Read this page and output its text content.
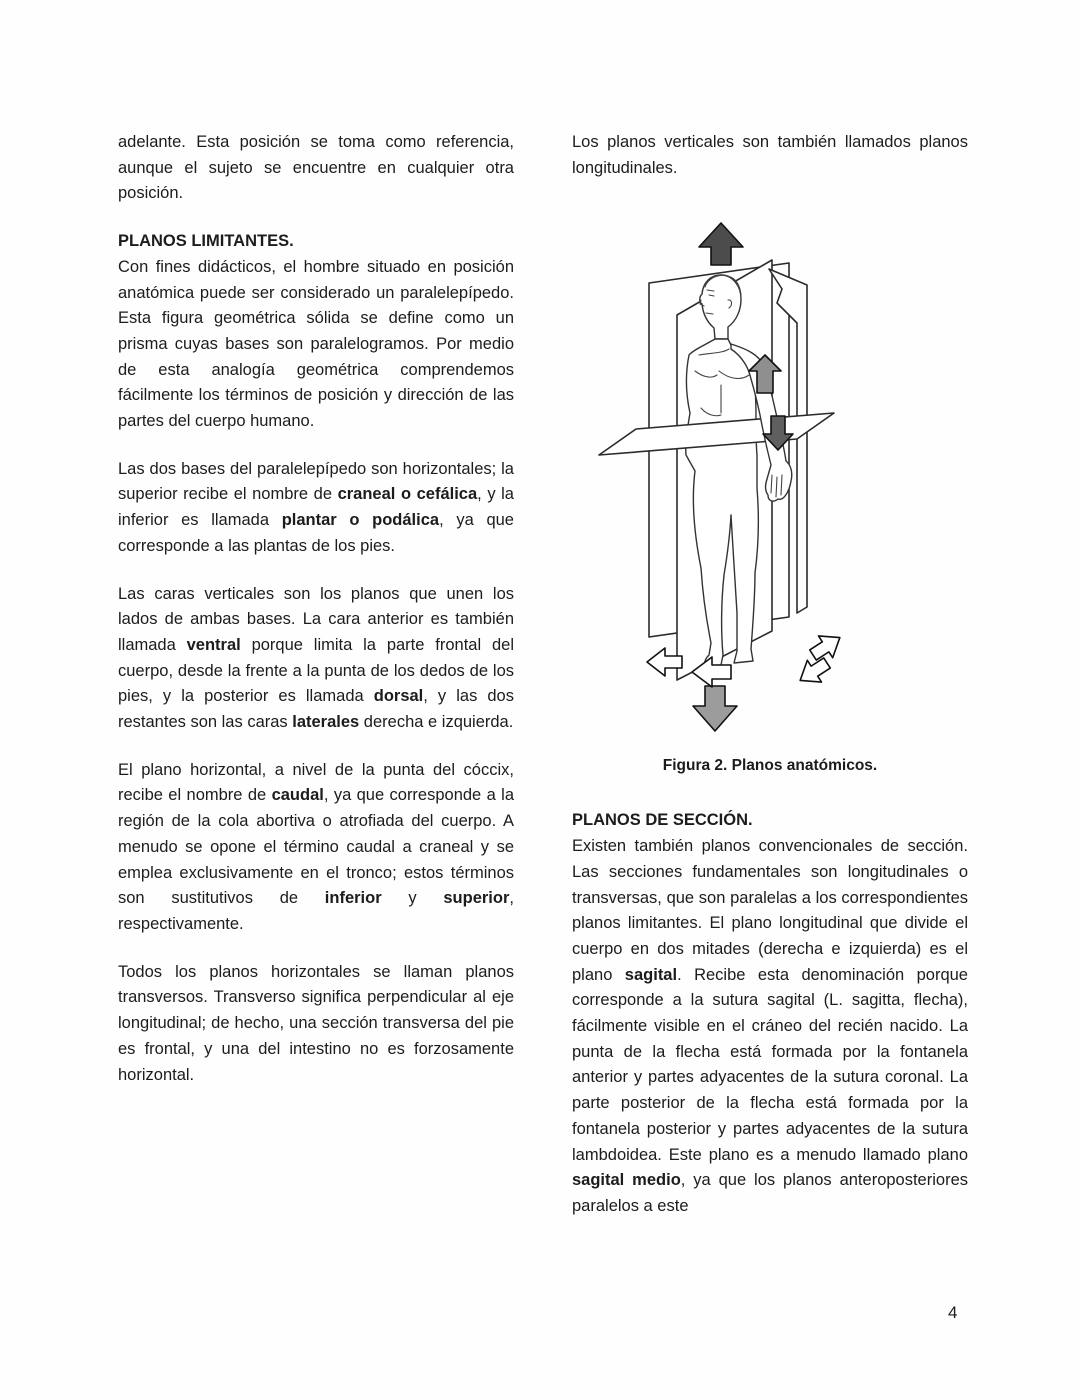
adelante. Esta posición se toma como referencia, aunque el sujeto se encuentre en cualquier otra posición.

PLANOS LIMITANTES.

Con fines didácticos, el hombre situado en posición anatómica puede ser considerado un paralelepípedo. Esta figura geométrica sólida se define como un prisma cuyas bases son paralelogramos. Por medio de esta analogía geométrica comprendemos fácilmente los términos de posición y dirección de las partes del cuerpo humano.

Las dos bases del paralelepípedo son horizontales; la superior recibe el nombre de craneal o cefálica, y la inferior es llamada plantar o podálica, ya que corresponde a las plantas de los pies.

Las caras verticales son los planos que unen los lados de ambas bases. La cara anterior es también llamada ventral porque limita la parte frontal del cuerpo, desde la frente a la punta de los dedos de los pies, y la posterior es llamada dorsal, y las dos restantes son las caras laterales derecha e izquierda.

El plano horizontal, a nivel de la punta del cóccix, recibe el nombre de caudal, ya que corresponde a la región de la cola abortiva o atrofiada del cuerpo. A menudo se opone el término caudal a craneal y se emplea exclusivamente en el tronco; estos términos son sustitutivos de inferior y superior, respectivamente.

Todos los planos horizontales se llaman planos transversos. Transverso significa perpendicular al eje longitudinal; de hecho, una sección transversa del pie es frontal, y una del intestino no es forzosamente horizontal.

Los planos verticales son también llamados planos longitudinales.

Figura 2. Planos anatómicos.
PLANOS DE SECCIÓN.

Existen también planos convencionales de sección. Las secciones fundamentales son longitudinales o transversas, que son paralelas a los correspondientes planos limitantes. El plano longitudinal que divide el cuerpo en dos mitades (derecha e izquierda) es el plano sagital. Recibe esta denominación porque corresponde a la sutura sagital (L. sagitta, flecha), fácilmente visible en el cráneo del recién nacido. La punta de la flecha está formada por la fontanela anterior y partes adyacentes de la sutura coronal. La parte posterior de la flecha está formada por la fontanela posterior y partes adyacentes de la sutura lambdoidea. Este plano es a menudo llamado plano sagital medio, ya que los planos anteroposteriores paralelos a este

4
